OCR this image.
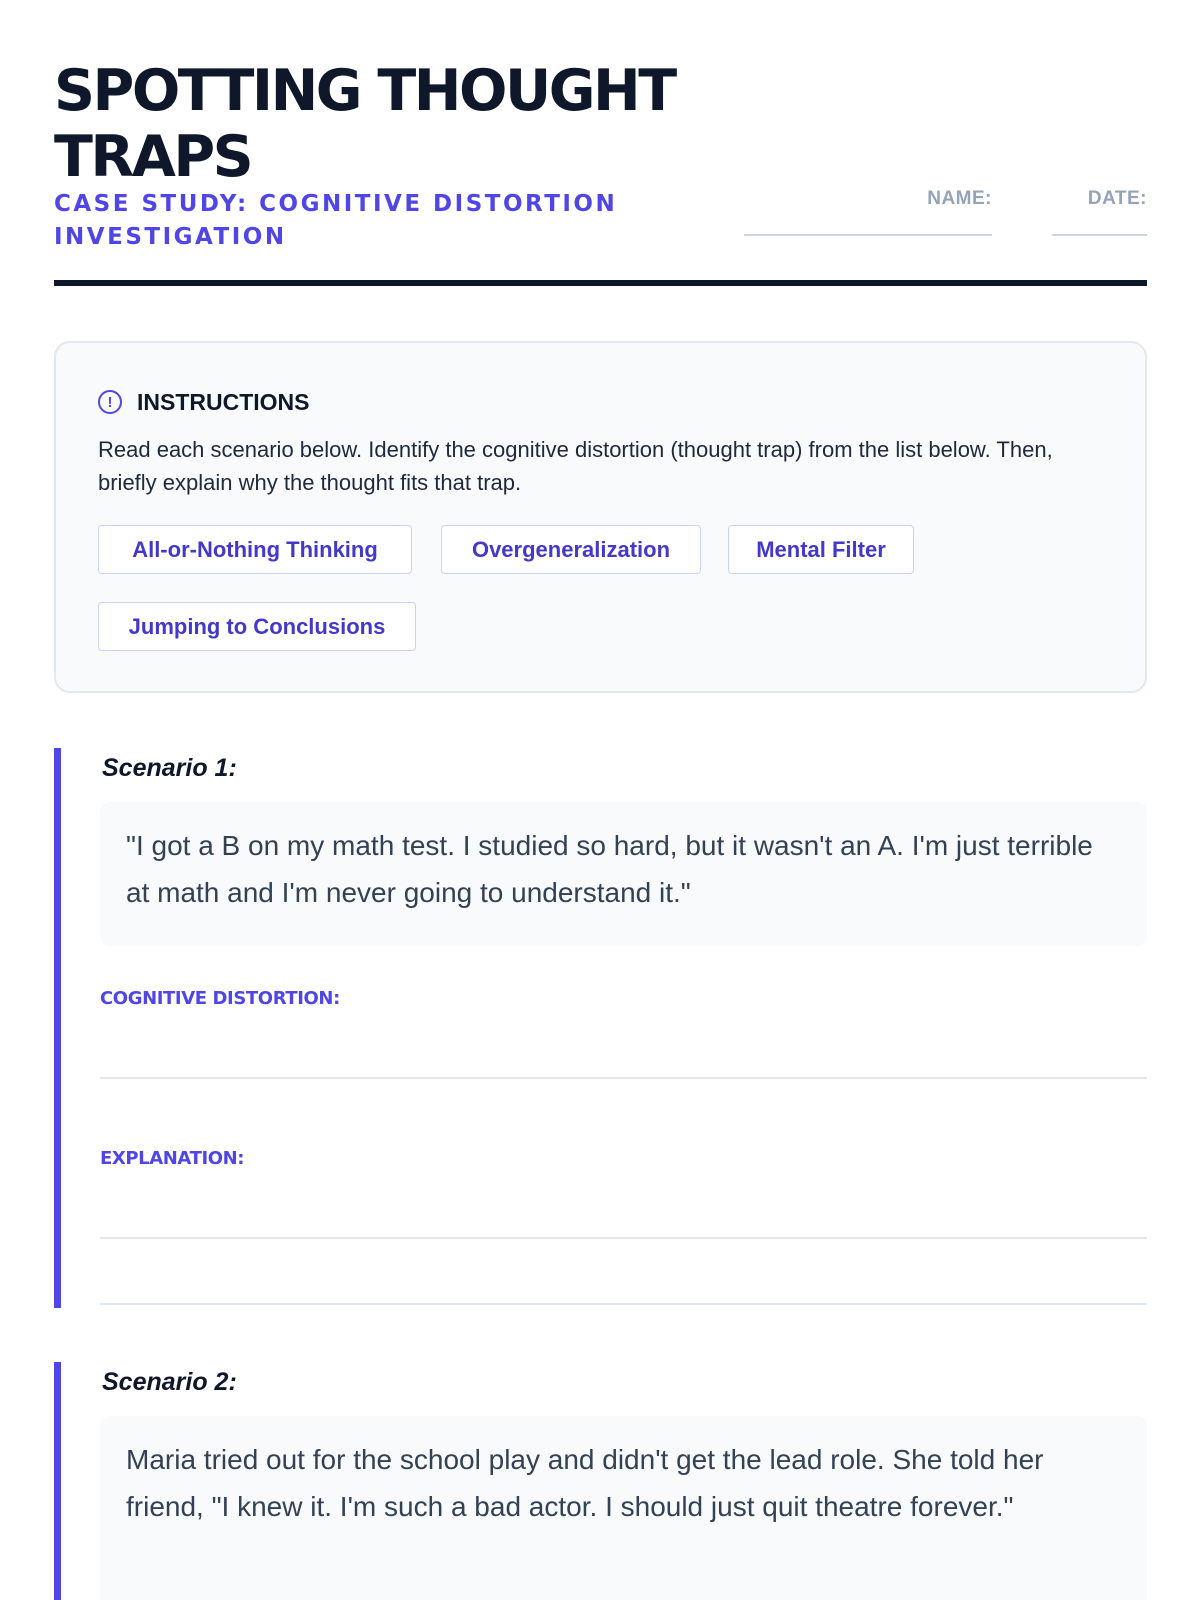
SPOTTING THOUGHT TRAPS
CASE STUDY: COGNITIVE DISTORTION INVESTIGATION
NAME:	DATE:
!	INSTRUCTIONS

Read each scenario below. Identify the cognitive distortion (thought trap) from the list below. Then, briefly explain why the thought fits that trap.

All-or-Nothing Thinking	Overgeneralization	Mental Filter
Jumping to Conclusions
Scenario 1:
"I got a B on my math test. I studied so hard, but it wasn't an A. I'm just terrible at math and I'm never going to understand it."
COGNITIVE DISTORTION:
EXPLANATION:
Scenario 2:
Maria tried out for the school play and didn't get the lead role. She told her friend, "I knew it. I'm such a bad actor. I should just quit theatre forever."
